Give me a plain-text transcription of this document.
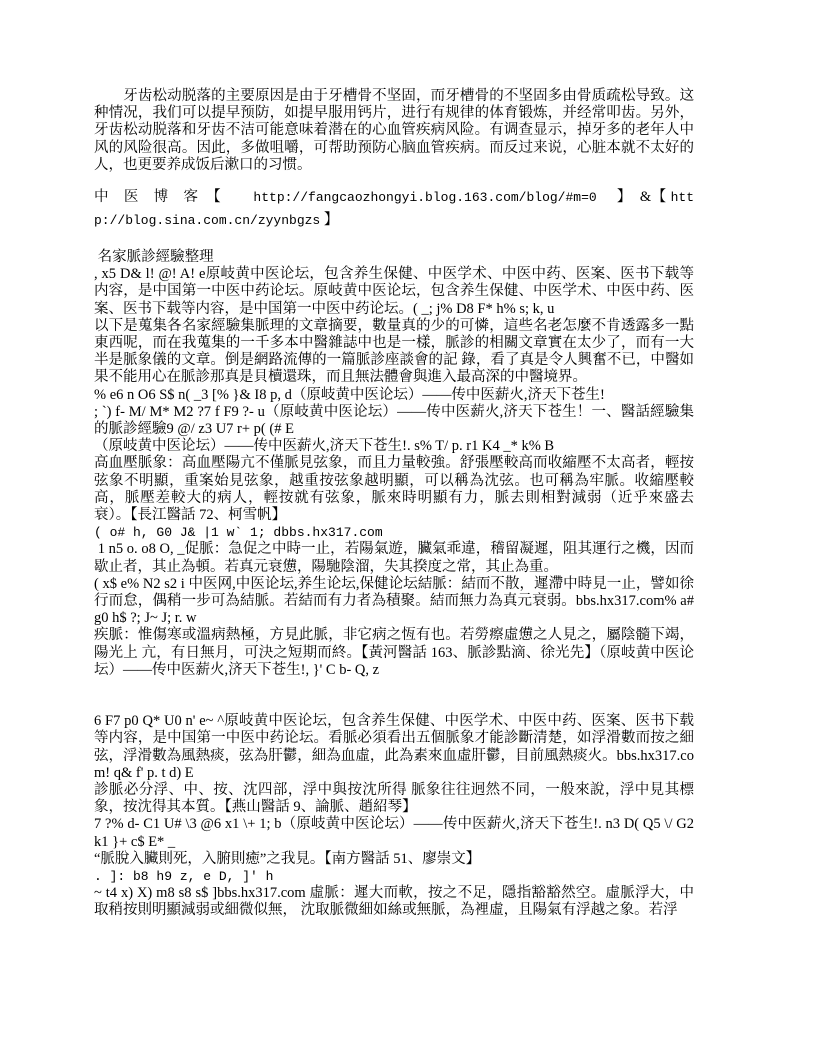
　　牙齿松动脱落的主要原因是由于牙槽骨不坚固，而牙槽骨的不坚固多由骨质疏松导致。这种情况，我们可以提早预防，如提早服用钙片，进行有规律的体育锻炼，并经常叩齿。另外，牙齿松动脱落和牙齿不洁可能意味着潜在的心血管疾病风险。有调查显示，掉牙多的老年人中风的风险很高。因此，多做咀嚼，可帮助预防心脑血管疾病。而反过来说，心脏本就不太好的人，也更要养成饭后漱口的习惯。

中　医　博　客　【        http://fangcaozhongyi.blog.163.com/blog/#m=0     】  &【 http://blog.sina.com.cn/zyynbgzs 】

名家脈診經驗整理

, x5 D& l! @! A! e原岐黄中医论坛，包含养生保健、中医学术、中医中药、医案、医书下载等内容，是中国第一中医中药论坛。原岐黄中医论坛，包含养生保健、中医学术、中医中药、医案、医书下载等内容，是中国第一中医中药论坛。( _; j% D8 F* h% s; k, u

以下是蒐集各名家經驗集脈理的文章摘要，數量真的少的可憐，這些名老怎麼不肯透露多一點東西呢，而在我蒐集的一千多本中醫雜誌中也是一樣，脈診的相關文章實在太少了，而有一大半是脈象儀的文章。倒是網路流傳的一篇脈診座談會的記 錄，看了真是令人興奮不已，中醫如果不能用心在脈診那真是貝櫝還珠，而且無法體會與進入最高深的中醫境界。

% e6 n O6 S$ n( _3 [% }& I8 p, d（原岐黄中医论坛）——传中医薪火,济天下苍生!

; `) f- M/ M* M2 ?7 f F9 ?- u（原岐黄中医论坛）——传中医薪火,济天下苍生！一、醫話經驗集的脈診經驗9 @/ z3 U7 r+ p( (# E

（原岐黄中医论坛）——传中医薪火,济天下苍生!. s% T/ p. r1 K4 _* k% B

高血壓脈象：高血壓陽亢不僅脈見弦象，而且力量較強。舒張壓較高而收縮壓不太高者，輕按弦象不明顯，重案始見弦象，越重按弦象越明顯，可以稱為沈弦。也可稱為牢脈。收縮壓較高，脈壓差較大的病人，輕按就有弦象，脈來時明顯有力，脈去則相對減弱（近乎來盛去衰）。【長江醫話 72、柯雪帆】

( o# h, G0 J& |1 w` 1; dbbs.hx317.com

1 n5 o. o8 O, _促脈：急促之中時一止，若陽氣遊，臟氣乖違，稽留凝遲，阻其運行之機，因而歇止者，其止為頓。若真元衰憊，陽馳陰溜，失其揆度之常，其止為重。

( x$ e% N2 s2 i 中医网,中医论坛,养生论坛,保健论坛結脈：結而不散，遲滯中時見一止，譬如徐行而怠，偶稍一步可為結脈。若結而有力者為積聚。結而無力為真元衰弱。bbs.hx317.com% a# g0 h$ ?; J~ J; r. w

疾脈：惟傷寒或溫病熱極，方見此脈，非它病之恆有也。若勞瘵虛憊之人見之，屬陰髓下竭，陽光上 亢，有日無月，可決之短期而終。【黃河醫話 163、脈診點滴、徐光先】（原岐黄中医论坛）——传中医薪火,济天下苍生!, }' C b- Q, z

6 F7 p0 Q* U0 n' e~ ^原岐黄中医论坛，包含养生保健、中医学术、中医中药、医案、医书下载等内容，是中国第一中医中药论坛。看脈必須看出五個脈象才能診斷清楚，如浮滑數而按之細弦，浮滑數為風熱痰，弦為肝鬱，細為血虛，此為素來血虛肝鬱，目前風熱痰火。bbs.hx317.com! q& f' p. t d) E

診脈必分浮、中、按、沈四部，浮中與按沈所得 脈象往往迥然不同，一般來說，浮中見其標象，按沈得其本質。【燕山醫話 9、論脈、趙紹琴】

7 ?% d- C1 U# \3 @6 x1 \+ 1; b（原岐黄中医论坛）——传中医薪火,济天下苍生!. n3 D( Q5 \/ G2 k1 }+ c$ E* _

“脈脫入臟則死，入腑則癒”之我見。【南方醫話 51、廖崇文】

. ]: b8 h9 z, e D, ]' h

~ t4 x) X) m8 s8 s$ ]bbs.hx317.com 虛脈：遲大而軟，按之不足，隱指豁豁然空。虛脈浮大，中取稍按則明顯減弱或細微似無， 沈取脈微細如絲或無脈，為裡虛，且陽氣有浮越之象。若浮
